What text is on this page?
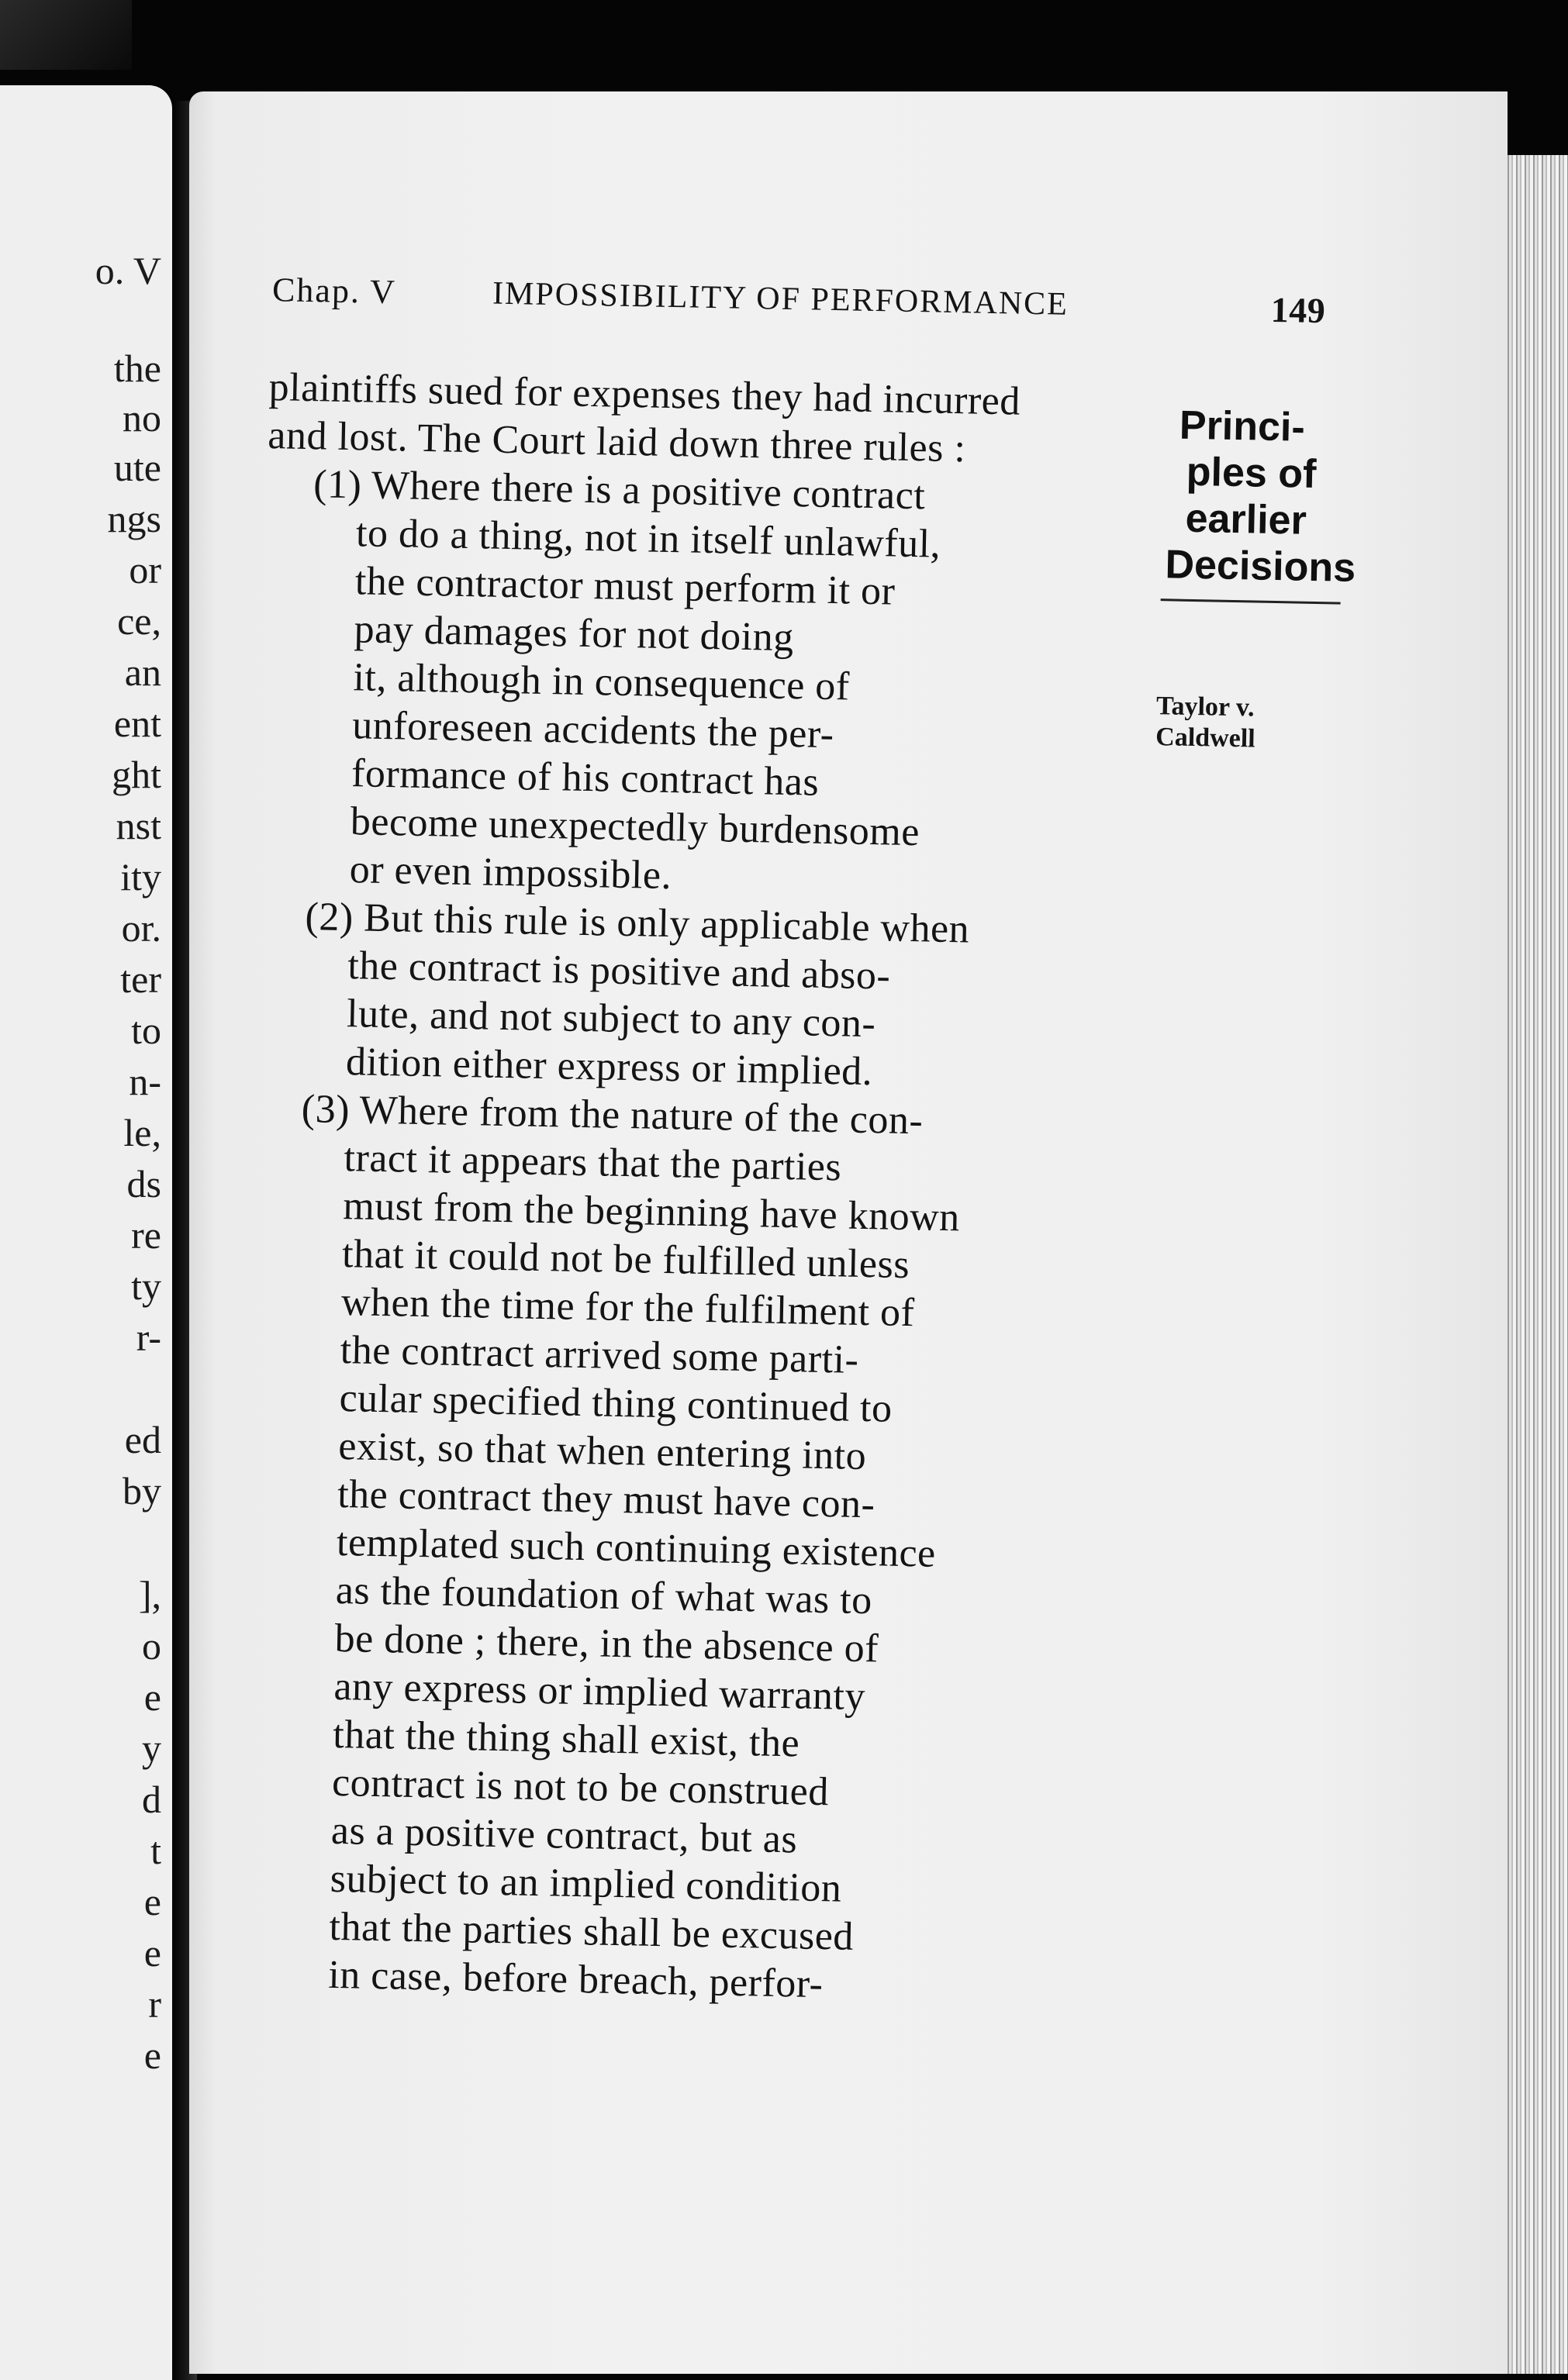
o. V
the
no
ute
ngs
or
ce,
an
ent
ght
nst
ity
or.
ter
to
n-
le,
ds
re
ty
r-
ed
by
],
o
e
y
d
t
e
e
r
e
Chap. V	IMPOSSIBILITY OF PERFORMANCE	149
Princi-
ples of
earlier
Decisions
Taylor v.
Caldwell
plaintiffs sued for expenses they had incurred
and lost. The Court laid down three rules :
(1) Where there is a positive contract
to do a thing, not in itself unlawful,
the contractor must perform it or
pay damages for not doing
it, although in consequence of
unforeseen accidents the per-
formance of his contract has
become unexpectedly burdensome
or even impossible.
(2) But this rule is only applicable when
the contract is positive and abso-
lute, and not subject to any con-
dition either express or implied.
(3) Where from the nature of the con-
tract it appears that the parties
must from the beginning have known
that it could not be fulfilled unless
when the time for the fulfilment of
the contract arrived some parti-
cular specified thing continued to
exist, so that when entering into
the contract they must have con-
templated such continuing existence
as the foundation of what was to
be done ; there, in the absence of
any express or implied warranty
that the thing shall exist, the
contract is not to be construed
as a positive contract, but as
subject to an implied condition
that the parties shall be excused
in case, before breach, perfor-
